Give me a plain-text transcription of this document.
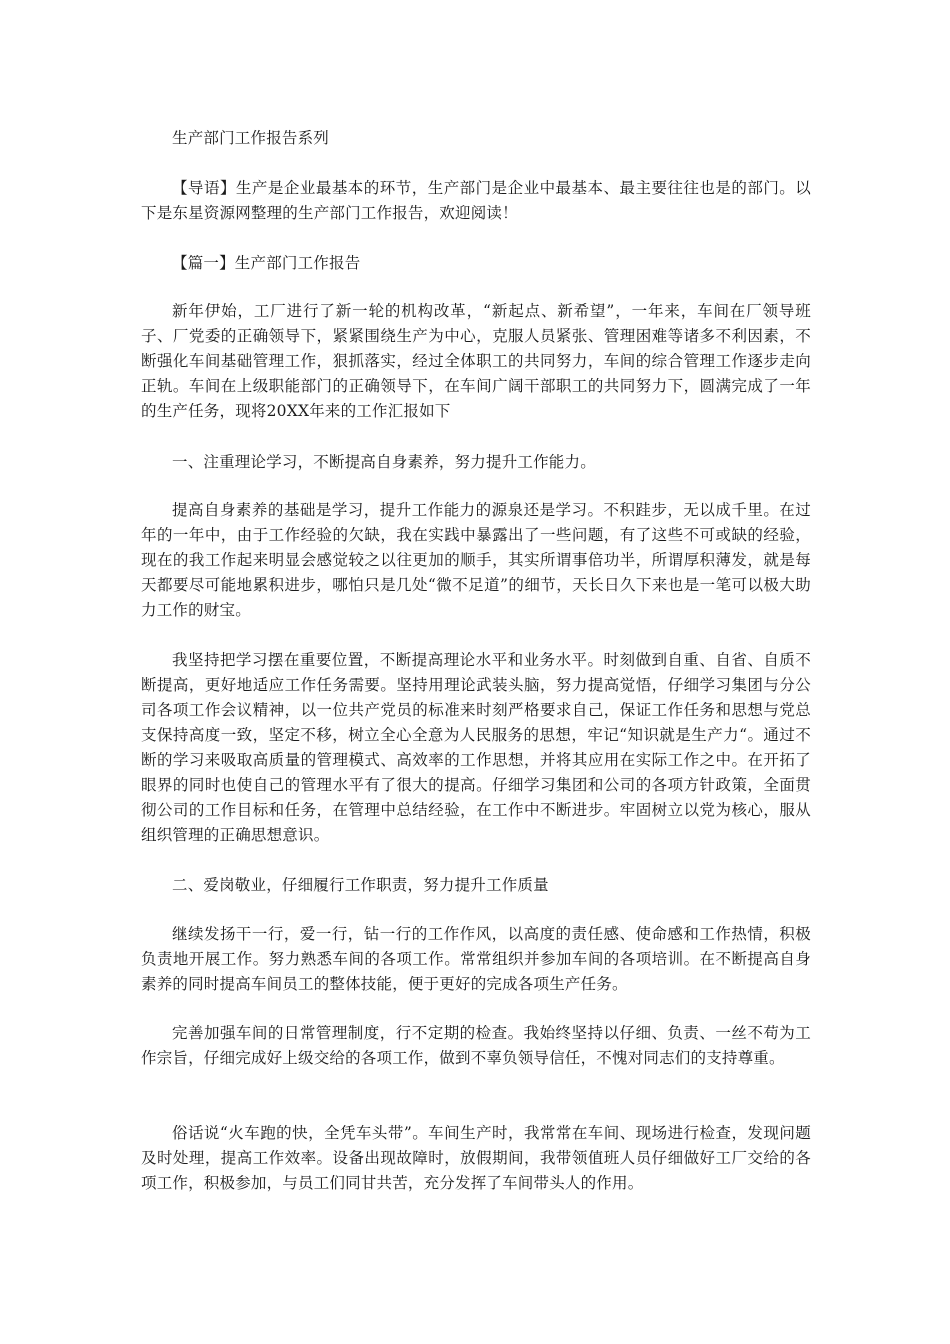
生产部门工作报告系列

【导语】生产是企业最基本的环节，生产部门是企业中最基本、最主要往往也是的部门。以下是东星资源网整理的生产部门工作报告，欢迎阅读！

【篇一】生产部门工作报告

新年伊始，工厂进行了新一轮的机构改革，“新起点、新希望”，一年来，车间在厂领导班子、厂党委的正确领导下，紧紧围绕生产为中心，克服人员紧张、管理困难等诸多不利因素，不断强化车间基础管理工作，狠抓落实，经过全体职工的共同努力，车间的综合管理工作逐步走向正轨。车间在上级职能部门的正确领导下，在车间广阔干部职工的共同努力下，圆满完成了一年的生产任务，现将20XX年来的工作汇报如下

一、注重理论学习，不断提高自身素养，努力提升工作能力。

提高自身素养的基础是学习，提升工作能力的源泉还是学习。不积跬步，无以成千里。在过年的一年中，由于工作经验的欠缺，我在实践中暴露出了一些问题，有了这些不可或缺的经验，现在的我工作起来明显会感觉较之以往更加的顺手，其实所谓事倍功半，所谓厚积薄发，就是每天都要尽可能地累积进步，哪怕只是几处“微不足道”的细节，天长日久下来也是一笔可以极大助力工作的财宝。

我坚持把学习摆在重要位置，不断提高理论水平和业务水平。时刻做到自重、自省、自质不断提高，更好地适应工作任务需要。坚持用理论武装头脑，努力提高觉悟，仔细学习集团与分公司各项工作会议精神，以一位共产党员的标准来时刻严格要求自己，保证工作任务和思想与党总支保持高度一致，坚定不移，树立全心全意为人民服务的思想，牢记“知识就是生产力“。通过不断的学习来吸取高质量的管理模式、高效率的工作思想，并将其应用在实际工作之中。在开拓了眼界的同时也使自己的管理水平有了很大的提高。仔细学习集团和公司的各项方针政策，全面贯彻公司的工作目标和任务，在管理中总结经验，在工作中不断进步。牢固树立以党为核心，服从组织管理的正确思想意识。

二、爱岗敬业，仔细履行工作职责，努力提升工作质量

继续发扬干一行，爱一行，钻一行的工作作风，以高度的责任感、使命感和工作热情，积极负责地开展工作。努力熟悉车间的各项工作。常常组织并参加车间的各项培训。在不断提高自身素养的同时提高车间员工的整体技能，便于更好的完成各项生产任务。

完善加强车间的日常管理制度，行不定期的检查。我始终坚持以仔细、负责、一丝不苟为工作宗旨，仔细完成好上级交给的各项工作，做到不辜负领导信任，不愧对同志们的支持尊重。

俗话说“火车跑的快，全凭车头带”。车间生产时，我常常在车间、现场进行检查，发现问题及时处理，提高工作效率。设备出现故障时，放假期间，我带领值班人员仔细做好工厂交给的各项工作，积极参加，与员工们同甘共苦，充分发挥了车间带头人的作用。
